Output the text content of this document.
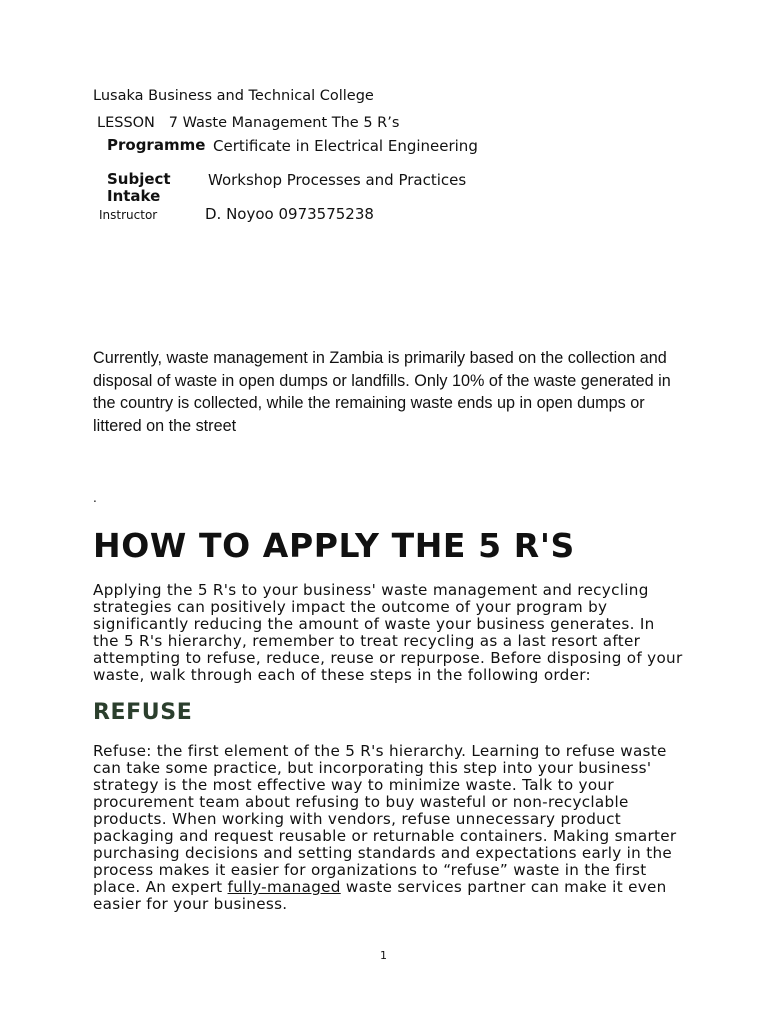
Lusaka Business and Technical College

LESSON   7 Waste Management The 5 R’s

Programme Certificate in Electrical Engineering
Subject Workshop Processes and Practices
Intake
Instructor	D. Noyoo 0973575238

Currently, waste management in Zambia is primarily based on the collection and disposal of waste in open dumps or landfills. Only 10% of the waste generated in the country is collected, while the remaining waste ends up in open dumps or littered on the street

.

HOW TO APPLY THE 5 R'S

Applying the 5 R's to your business' waste management and recycling strategies can positively impact the outcome of your program by significantly reducing the amount of waste your business generates. In the 5 R's hierarchy, remember to treat recycling as a last resort after attempting to refuse, reduce, reuse or repurpose. Before disposing of your waste, walk through each of these steps in the following order:

REFUSE

Refuse: the first element of the 5 R's hierarchy. Learning to refuse waste can take some practice, but incorporating this step into your business' strategy is the most effective way to minimize waste. Talk to your procurement team about refusing to buy wasteful or non-recyclable products. When working with vendors, refuse unnecessary product packaging and request reusable or returnable containers. Making smarter purchasing decisions and setting standards and expectations early in the process makes it easier for organizations to “refuse” waste in the first place. An expert fully-managed waste services partner can make it even easier for your business.

1
